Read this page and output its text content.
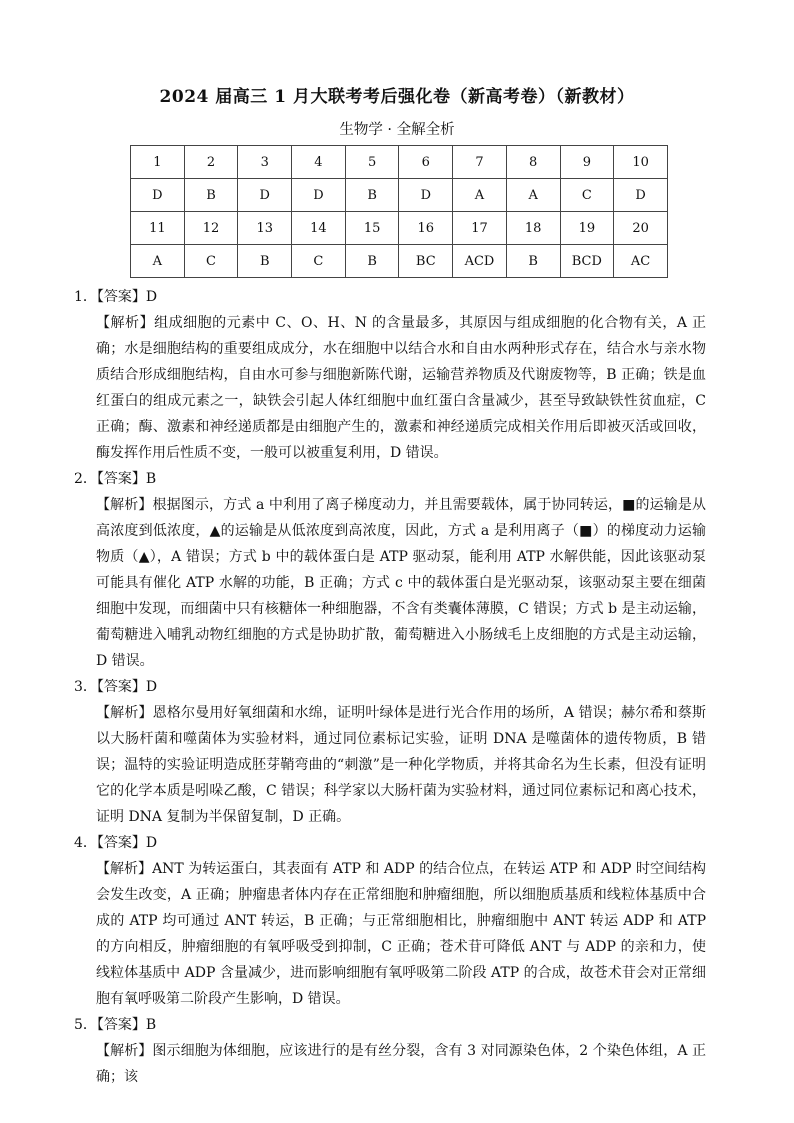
2024 届高三 1 月大联考考后强化卷（新高考卷）（新教材）
生物学 · 全解全析
1	2	3	4	5	6	7	8	9	10
D	B	D	D	B	D	A	A	C	D
11	12	13	14	15	16	17	18	19	20
A	C	B	C	B	BC	ACD	B	BCD	AC
1．【答案】D
【解析】组成细胞的元素中 C、O、H、N 的含量最多，其原因与组成细胞的化合物有关，A 正确；水是细胞结构的重要组成成分，水在细胞中以结合水和自由水两种形式存在，结合水与亲水物质结合形成细胞结构，自由水可参与细胞新陈代谢，运输营养物质及代谢废物等，B 正确；铁是血红蛋白的组成元素之一，缺铁会引起人体红细胞中血红蛋白含量减少，甚至导致缺铁性贫血症，C 正确；酶、激素和神经递质都是由细胞产生的，激素和神经递质完成相关作用后即被灭活或回收，酶发挥作用后性质不变，一般可以被重复利用，D 错误。
2．【答案】B
【解析】根据图示，方式 a 中利用了离子梯度动力，并且需要载体，属于协同转运，■的运输是从高浓度到低浓度，▲的运输是从低浓度到高浓度，因此，方式 a 是利用离子（■）的梯度动力运输物质（▲），A 错误；方式 b 中的载体蛋白是 ATP 驱动泵，能利用 ATP 水解供能，因此该驱动泵可能具有催化 ATP 水解的功能，B 正确；方式 c 中的载体蛋白是光驱动泵，该驱动泵主要在细菌细胞中发现，而细菌中只有核糖体一种细胞器，不含有类囊体薄膜，C 错误；方式 b 是主动运输，葡萄糖进入哺乳动物红细胞的方式是协助扩散，葡萄糖进入小肠绒毛上皮细胞的方式是主动运输，D 错误。
3．【答案】D
【解析】恩格尔曼用好氧细菌和水绵，证明叶绿体是进行光合作用的场所，A 错误；赫尔希和蔡斯以大肠杆菌和噬菌体为实验材料，通过同位素标记实验，证明 DNA 是噬菌体的遗传物质，B 错误；温特的实验证明造成胚芽鞘弯曲的“刺激”是一种化学物质，并将其命名为生长素，但没有证明它的化学本质是吲哚乙酸，C 错误；科学家以大肠杆菌为实验材料，通过同位素标记和离心技术，证明 DNA 复制为半保留复制，D 正确。
4．【答案】D
【解析】ANT 为转运蛋白，其表面有 ATP 和 ADP 的结合位点，在转运 ATP 和 ADP 时空间结构会发生改变，A 正确；肿瘤患者体内存在正常细胞和肿瘤细胞，所以细胞质基质和线粒体基质中合成的 ATP 均可通过 ANT 转运，B 正确；与正常细胞相比，肿瘤细胞中 ANT 转运 ADP 和 ATP 的方向相反，肿瘤细胞的有氧呼吸受到抑制，C 正确；苍术苷可降低 ANT 与 ADP 的亲和力，使线粒体基质中 ADP 含量减少，进而影响细胞有氧呼吸第二阶段 ATP 的合成，故苍术苷会对正常细胞有氧呼吸第二阶段产生影响，D 错误。
5．【答案】B
【解析】图示细胞为体细胞，应该进行的是有丝分裂，含有 3 对同源染色体，2 个染色体组，A 正确；该
